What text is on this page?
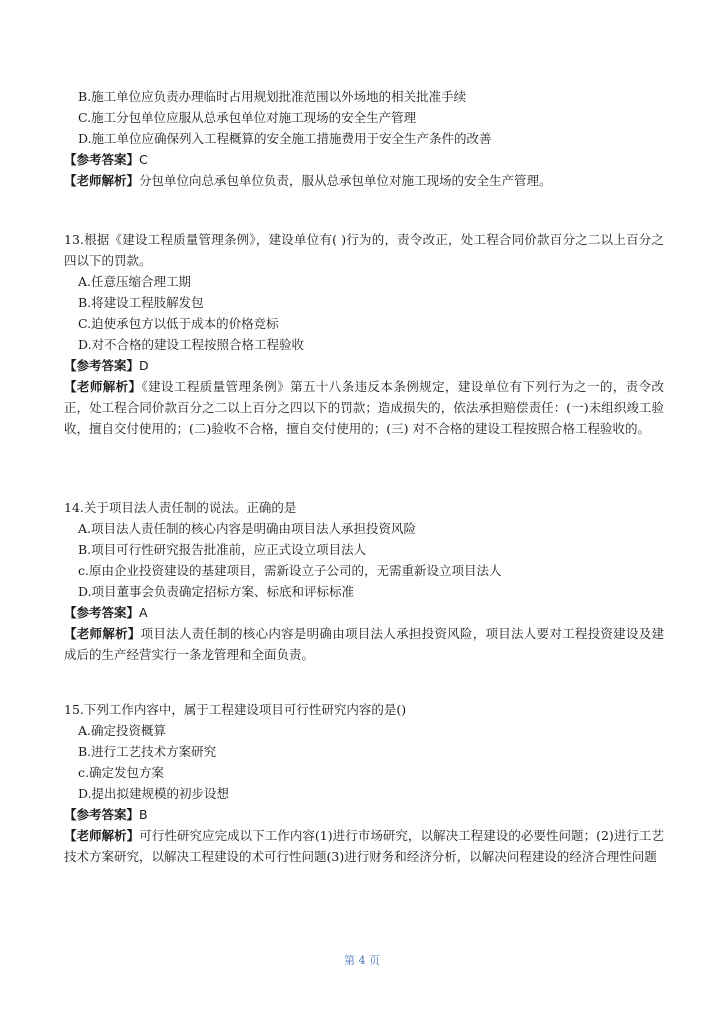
B.施工单位应负责办理临时占用规划批准范围以外场地的相关批准手续
C.施工分包单位应服从总承包单位对施工现场的安全生产管理
D.施工单位应确保列入工程概算的安全施工措施费用于安全生产条件的改善
【参考答案】C
【老师解析】分包单位向总承包单位负责，服从总承包单位对施工现场的安全生产管理。
13.根据《建设工程质量管理条例》，建设单位有( )行为的，责令改正，处工程合同价款百分之二以上百分之四以下的罚款。
A.任意压缩合理工期
B.将建设工程肢解发包
C.迫使承包方以低于成本的价格竞标
D.对不合格的建设工程按照合格工程验收
【参考答案】D
【老师解析】《建设工程质量管理条例》第五十八条违反本条例规定，建设单位有下列行为之一的，责令改正，处工程合同价款百分之二以上百分之四以下的罚款；造成损失的，依法承担赔偿责任：(一)未组织竣工验收，擅自交付使用的；(二)验收不合格，擅自交付使用的；(三) 对不合格的建设工程按照合格工程验收的。
14.关于项目法人责任制的说法。正确的是
A.项目法人责任制的核心内容是明确由项目法人承担投资风险
B.项目可行性研究报告批准前，应正式设立项目法人
c.原由企业投资建设的基建项目，需新设立子公司的，无需重新设立项目法人
D.项目董事会负责确定招标方案、标底和评标标准
【参考答案】A
【老师解析】项目法人责任制的核心内容是明确由项目法人承担投资风险，项目法人要对工程投资建设及建成后的生产经营实行一条龙管理和全面负责。
15.下列工作内容中，属于工程建设项目可行性研究内容的是()
A.确定投资概算
B.进行工艺技术方案研究
c.确定发包方案
D.提出拟建规模的初步设想
【参考答案】B
【老师解析】可行性研究应完成以下工作内容(1)进行市场研究，以解决工程建设的必要性问题；(2)进行工艺技术方案研究，以解决工程建设的术可行性问题(3)进行财务和经济分析，以解决问程建设的经济合理性问题
第 4 页
